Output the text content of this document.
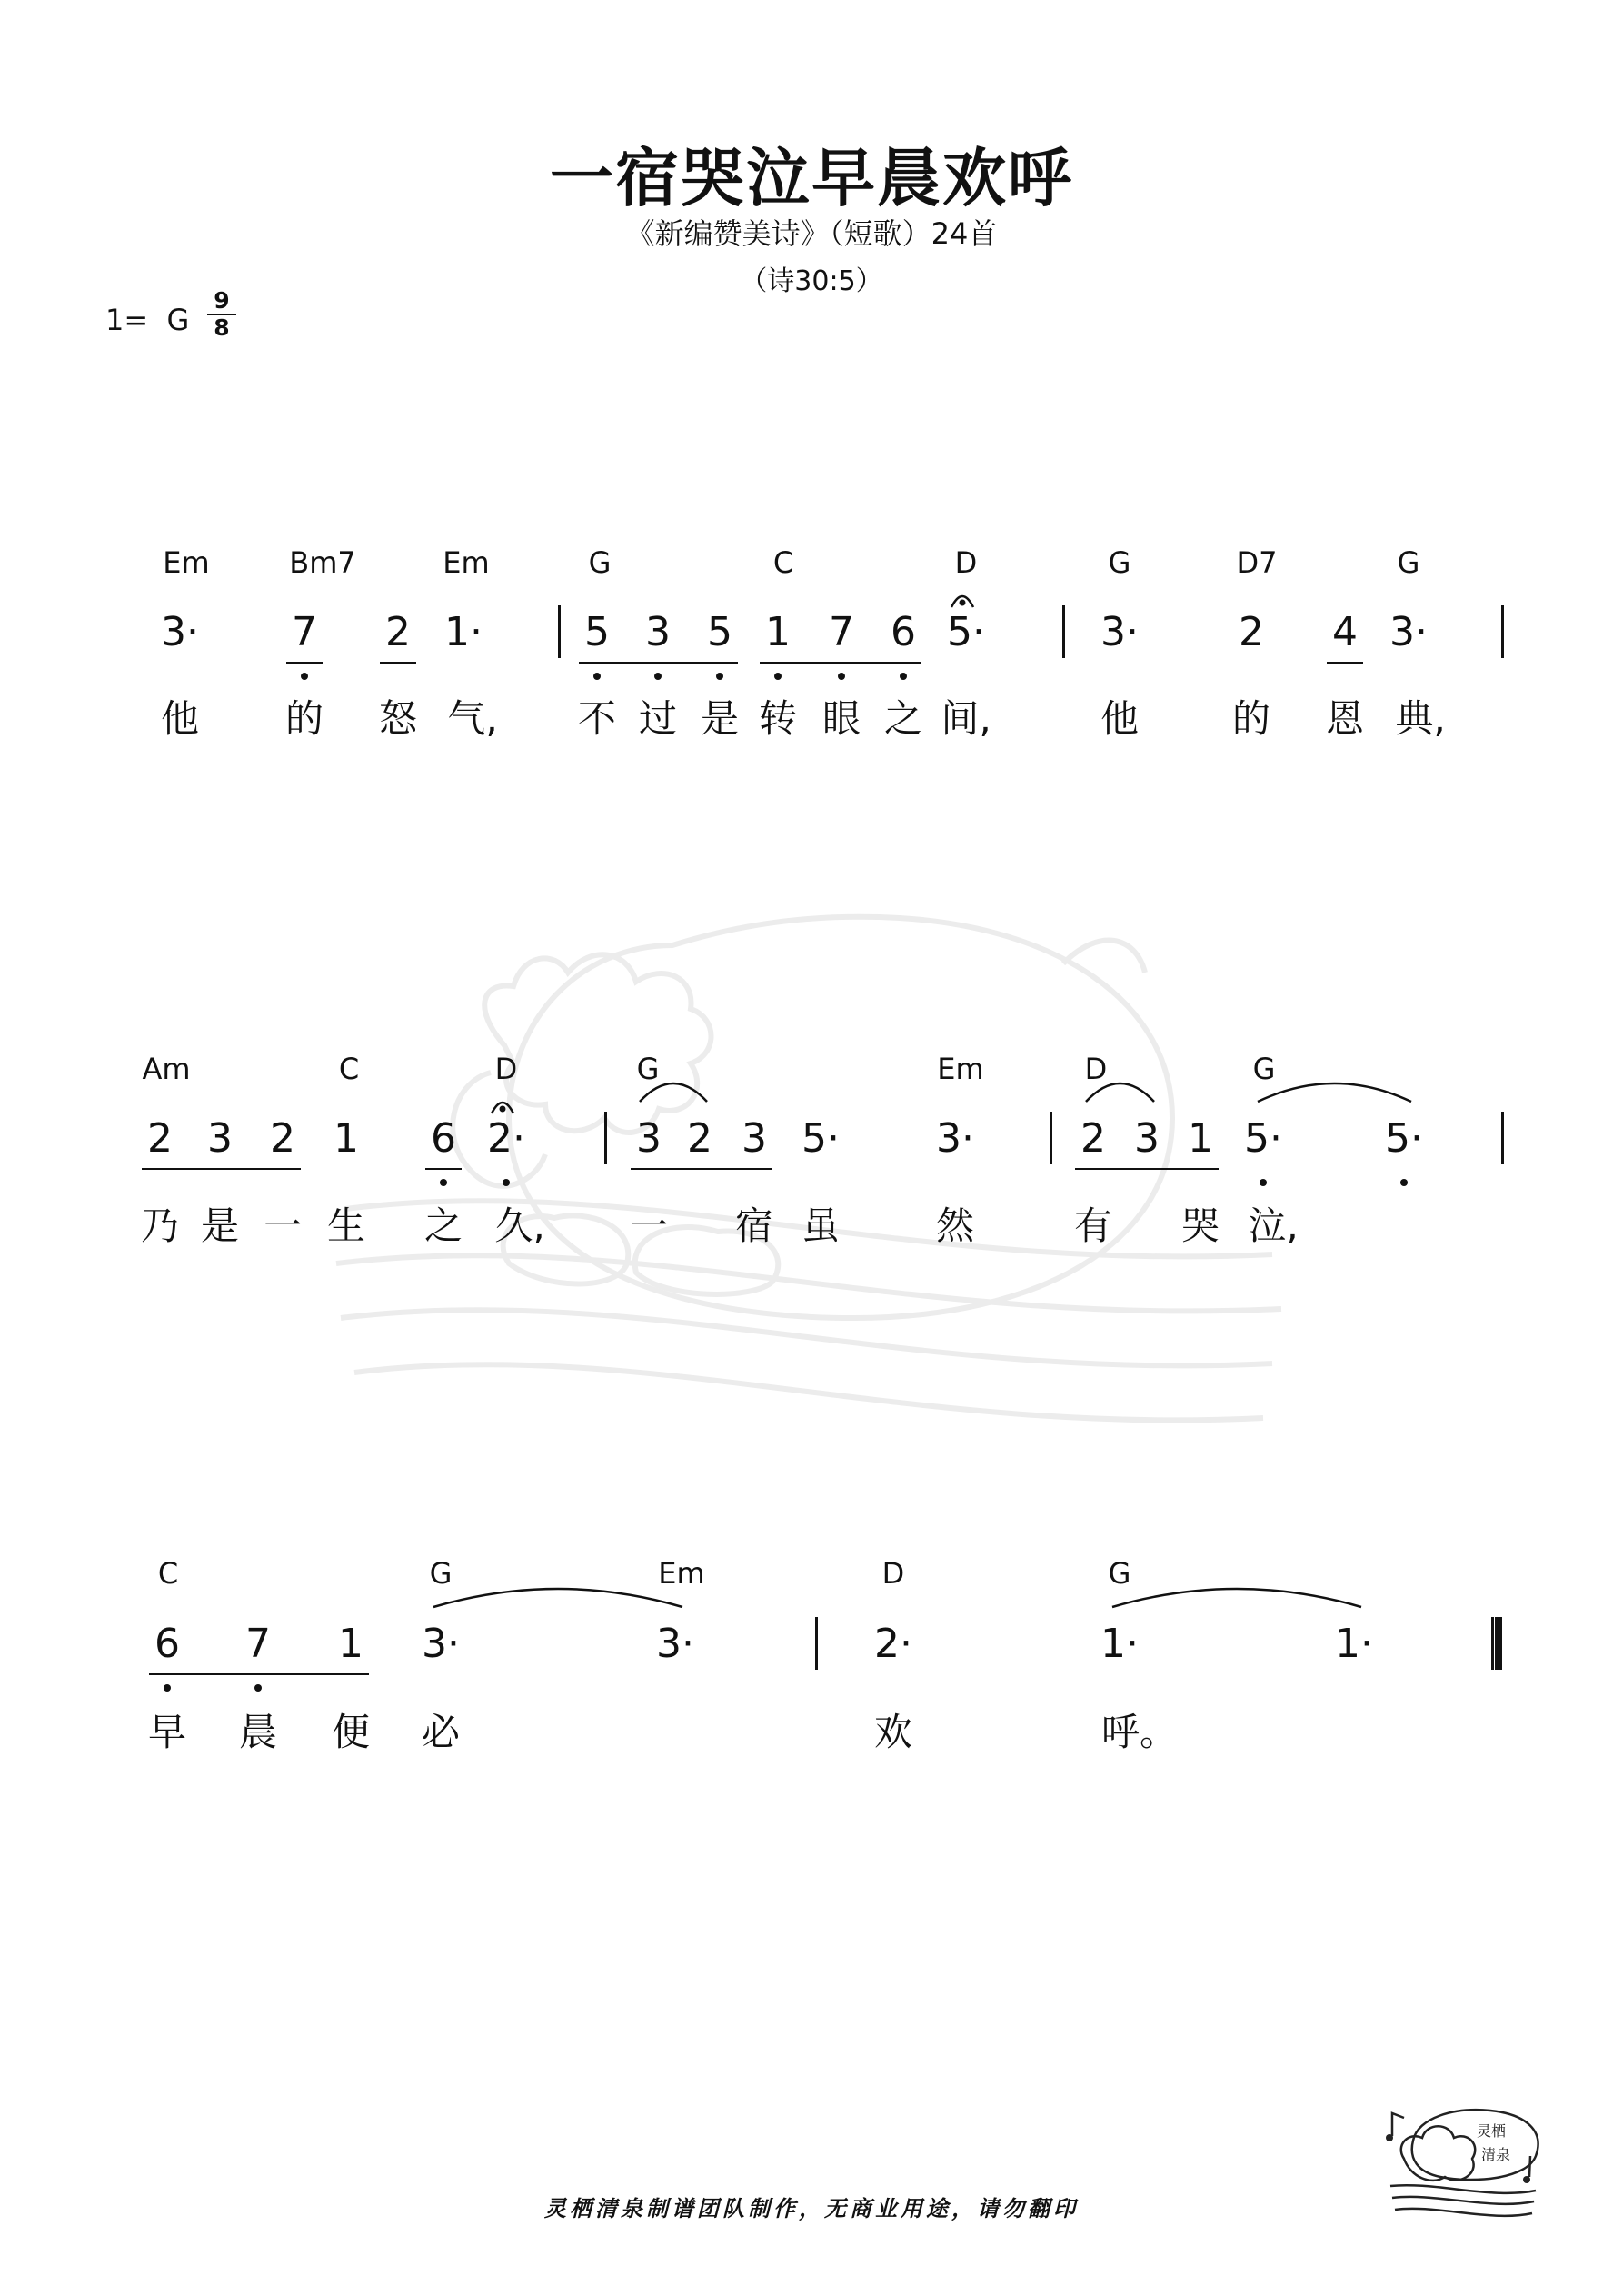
一宿哭泣早晨欢呼
《新编赞美诗》（短歌）24首
（诗30:5）
1= G
9
8
Em	Bm7	Em	G	C	D	G	D7	G
3· 7 2 1·	5 3 5 1 7 6 5·	3·	2 4 3·
他 的 怒 气, 不 过 是 转 眼 之 间,	他 的 恩 典,
Am	C	D	G	Em	D	G
2 3 2 1 6 2·	3 2 3 5· 3·	2 3 1 5·	5·
乃 是 一 生 之 久, 一 宿 虽	然	有 哭 泣,
C	G	Em	D	G
6 7 1 3·	3·	2·	1·	1·
早 晨 便 必	欢	呼。
灵栖清泉制谱团队制作，无商业用途，请勿翻印
灵栖
清泉
